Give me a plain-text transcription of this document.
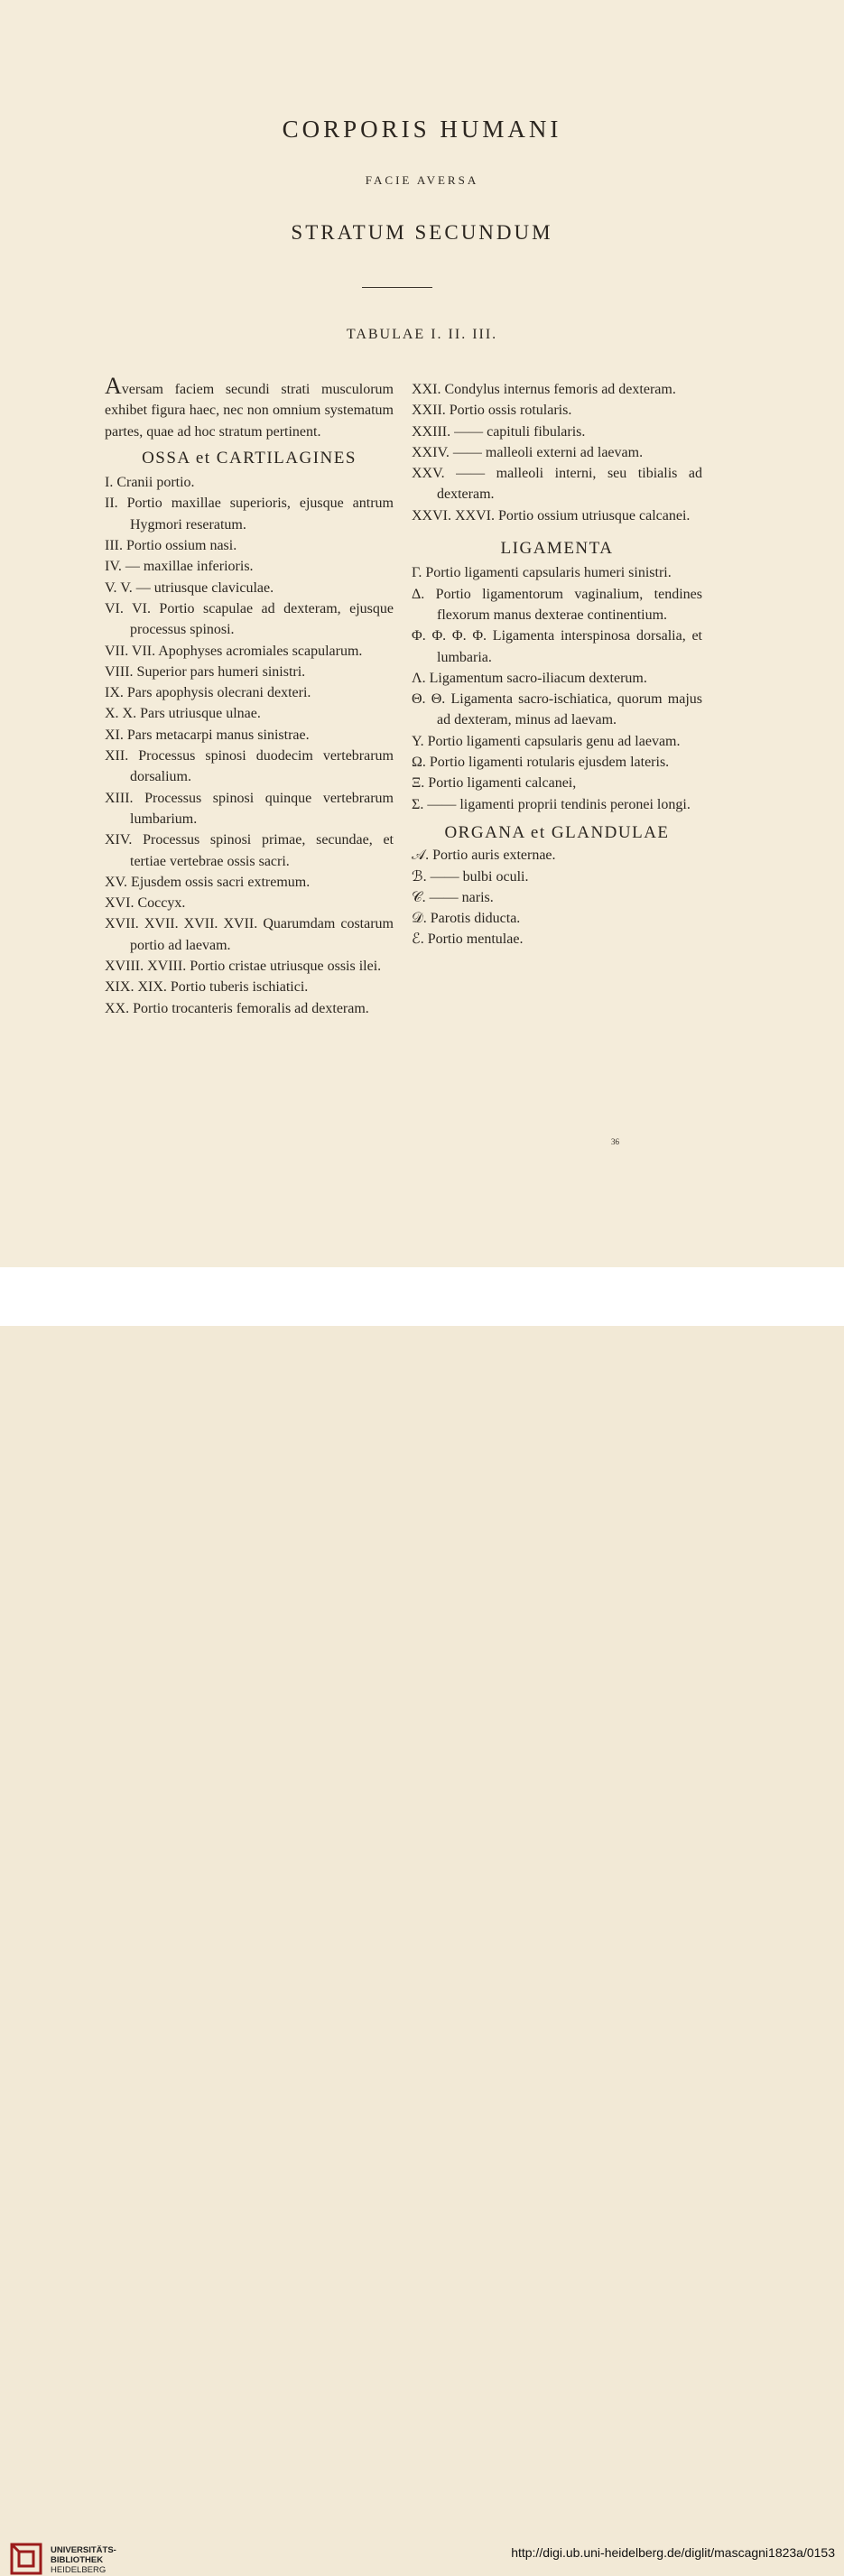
CORPORIS HUMANI
FACIE AVERSA
STRATUM SECUNDUM
TABULAE I. II. III.
Aversam faciem secundi strati musculorum exhibet figura haec, nec non omnium systematum partes, quae ad hoc stratum pertinent.
OSSA et CARTILAGINES
I. Cranii portio.
II. Portio maxillae superioris, ejusque antrum Hygmori reseratum.
III. Portio ossium nasi.
IV. — maxillae inferioris.
V. V. — utriusque claviculae.
VI. VI. Portio scapulae ad dexteram, ejusque processus spinosi.
VII. VII. Apophyses acromiales scapularum.
VIII. Superior pars humeri sinistri.
IX. Pars apophysis olecrani dexteri.
X. X. Pars utriusque ulnae.
XI. Pars metacarpi manus sinistrae.
XII. Processus spinosi duodecim vertebrarum dorsalium.
XIII. Processus spinosi quinque vertebrarum lumbarium.
XIV. Processus spinosi primae, secundae, et tertiae vertebrae ossis sacri.
XV. Ejusdem ossis sacri extremum.
XVI. Coccyx.
XVII. XVII. XVII. XVII. Quarumdam costarum portio ad laevam.
XVIII. XVIII. Portio cristae utriusque ossis ilei.
XIX. XIX. Portio tuberis ischiatici.
XX. Portio trocanteris femoralis ad dexteram.
XXI. Condylus internus femoris ad dexteram.
XXII. Portio ossis rotularis.
XXIII. —— capituli fibularis.
XXIV. —— malleoli externi ad laevam.
XXV. —— malleoli interni, seu tibialis ad dexteram.
XXVI. XXVI. Portio ossium utriusque calcanei.
LIGAMENTA
Γ. Portio ligamenti capsularis humeri sinistri.
Δ. Portio ligamentorum vaginalium, tendines flexorum manus dexterae continentium.
Φ. Φ. Φ. Φ. Ligamenta interspinosa dorsalia, et lumbaria.
Λ. Ligamentum sacro-iliacum dexterum.
Θ. Θ. Ligamenta sacro-ischiatica, quorum majus ad dexteram, minus ad laevam.
Υ. Portio ligamenti capsularis genu ad laevam.
Ω. Portio ligamenti rotularis ejusdem lateris.
Ξ. Portio ligamenti calcanei,
Σ. —— ligamenti proprii tendinis peronei longi.
ORGANA et GLANDULAE
𝒜. Portio auris externae.
ℬ. —— bulbi oculi.
𝒞. —— naris.
𝒟. Parotis diducta.
ℰ. Portio mentulae.
36
UNIVERSITÄTS-
BIBLIOTHEK
HEIDELBERG
http://digi.ub.uni-heidelberg.de/diglit/mascagni1823a/0153
